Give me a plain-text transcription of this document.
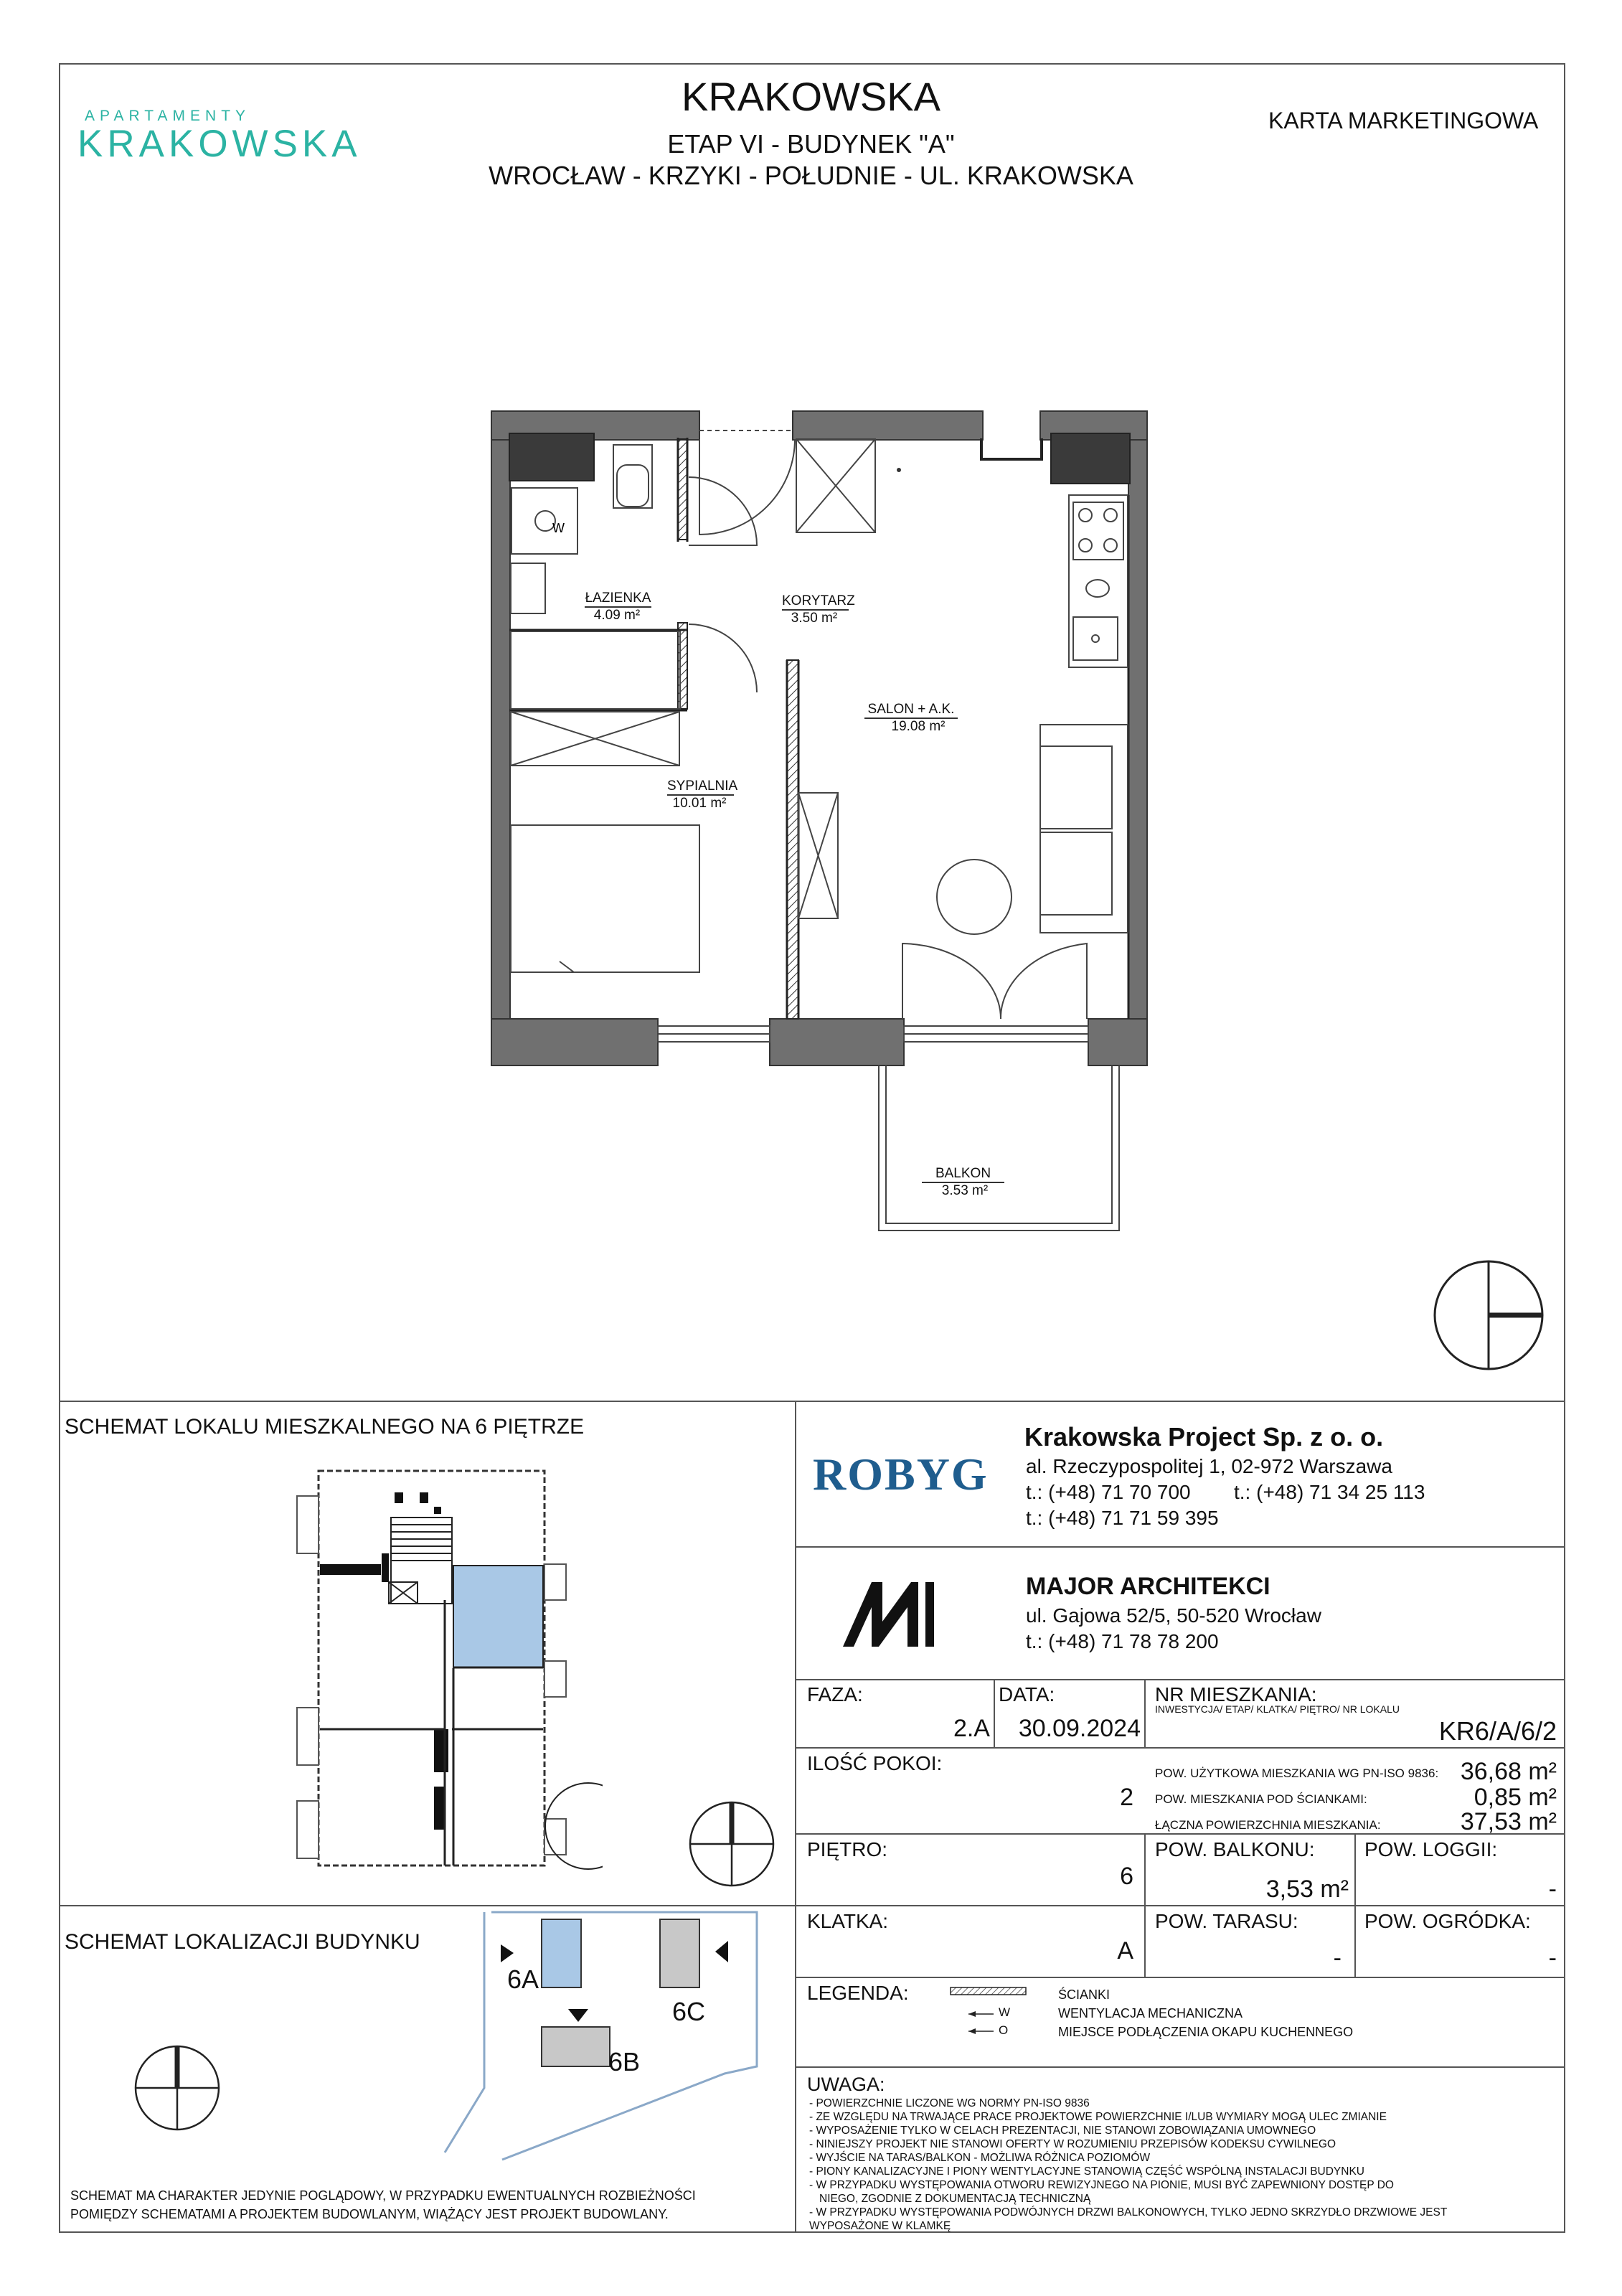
APARTAMENTY
KRAKOWSKA
KRAKOWSKA
ETAP VI - BUDYNEK "A"
WROCŁAW - KRZYKI - POŁUDNIE - UL. KRAKOWSKA
KARTA MARKETINGOWA
W
ŁAZIENKA
4.09 m²
KORYTARZ
3.50 m²
SALON + A.K.
19.08 m²
SYPIALNIA
10.01 m²
BALKON
3.53 m²
SCHEMAT LOKALU MIESZKALNEGO NA 6 PIĘTRZE
SCHEMAT LOKALIZACJI BUDYNKU
6A
6C
6B
SCHEMAT MA CHARAKTER JEDYNIE POGLĄDOWY, W PRZYPADKU EWENTUALNYCH ROZBIEŻNOŚCI
POMIĘDZY SCHEMATAMI A PROJEKTEM BUDOWLANYM, WIĄŻĄCY JEST PROJEKT BUDOWLANY.
ROBYG
Krakowska Project Sp. z o. o.
al. Rzeczypospolitej 1, 02-972 Warszawa
t.: (+48) 71 70 700 t.: (+48) 71 34 25 113
t.: (+48) 71 71 59 395
MAJOR ARCHITEKCI
ul. Gajowa 52/5, 50-520 Wrocław
t.: (+48) 71 78 78 200
FAZA:
2.A
DATA:
30.09.2024
NR MIESZKANIA:
INWESTYCJA/ ETAP/ KLATKA/ PIĘTRO/ NR LOKALU
KR6/A/6/2
ILOŚĆ POKOI:
2
POW. UŻYTKOWA MIESZKANIA WG PN-ISO 9836: 36,68 m²
POW. MIESZKANIA POD ŚCIANKAMI:	0,85 m²
ŁĄCZNA POWIERZCHNIA MIESZKANIA:	37,53 m²
PIĘTRO:
6
POW. BALKONU:
3,53 m²
POW. LOGGII:
-
KLATKA:
A
POW. TARASU:
-
POW. OGRÓDKA:
-
LEGENDA:
W
O
ŚCIANKI
WENTYLACJA MECHANICZNA
MIEJSCE PODŁĄCZENIA OKAPU KUCHENNEGO
UWAGA:
- POWIERZCHNIE LICZONE WG NORMY PN-ISO 9836
- ZE WZGLĘDU NA TRWAJĄCE PRACE PROJEKTOWE POWIERZCHNIE I/LUB WYMIARY MOGĄ ULEC ZMIANIE
- WYPOSAŻENIE TYLKO W CELACH PREZENTACJI, NIE STANOWI ZOBOWIĄZANIA UMOWNEGO
- NINIEJSZY PROJEKT NIE STANOWI OFERTY W ROZUMIENIU PRZEPISÓW KODEKSU CYWILNEGO
- WYJŚCIE NA TARAS/BALKON - MOŻLIWA RÓŻNICA POZIOMÓW
- PIONY KANALIZACYJNE I PIONY WENTYLACYJNE STANOWIĄ CZĘŚĆ WSPÓLNĄ INSTALACJI BUDYNKU
- W PRZYPADKU WYSTĘPOWANIA OTWORU REWIZYJNEGO NA PIONIE, MUSI BYĆ ZAPEWNIONY DOSTĘP DO
NIEGO, ZGODNIE Z DOKUMENTACJĄ TECHNICZNĄ
- W PRZYPADKU WYSTĘPOWANIA PODWÓJNYCH DRZWI BALKONOWYCH, TYLKO JEDNO SKRZYDŁO DRZWIOWE JEST
WYPOSAŻONE W KLAMKĘ
